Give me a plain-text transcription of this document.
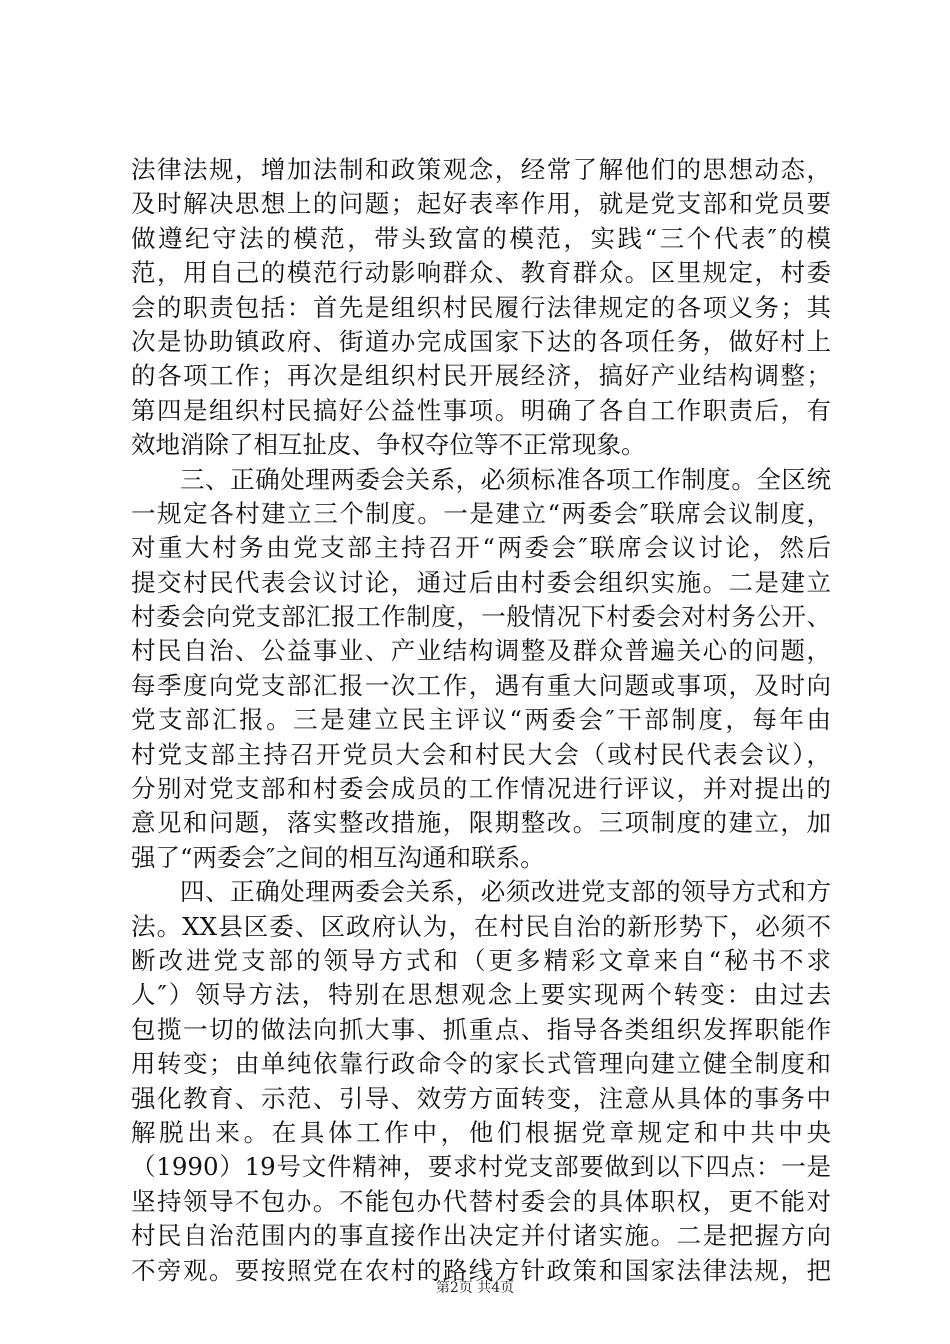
法律法规，增加法制和政策观念，经常了解他们的思想动态，
及时解决思想上的问题；起好表率作用，就是党支部和党员要
做遵纪守法的模范，带头致富的模范，实践“三个代表″的模
范，用自己的模范行动影响群众、教育群众。区里规定，村委
会的职责包括：首先是组织村民履行法律规定的各项义务；其
次是协助镇政府、街道办完成国家下达的各项任务，做好村上
的各项工作；再次是组织村民开展经济，搞好产业结构调整；
第四是组织村民搞好公益性事项。明确了各自工作职责后，有
效地消除了相互扯皮、争权夺位等不正常现象。
三、正确处理两委会关系，必须标准各项工作制度。全区统
一规定各村建立三个制度。一是建立“两委会″联席会议制度，
对重大村务由党支部主持召开“两委会″联席会议讨论，然后
提交村民代表会议讨论，通过后由村委会组织实施。二是建立
村委会向党支部汇报工作制度，一般情况下村委会对村务公开、
村民自治、公益事业、产业结构调整及群众普遍关心的问题，
每季度向党支部汇报一次工作，遇有重大问题或事项，及时向
党支部汇报。三是建立民主评议“两委会″干部制度，每年由
村党支部主持召开党员大会和村民大会（或村民代表会议），
分别对党支部和村委会成员的工作情况进行评议，并对提出的
意见和问题，落实整改措施，限期整改。三项制度的建立，加
强了“两委会″之间的相互沟通和联系。
四、正确处理两委会关系，必须改进党支部的领导方式和方
法。XX县区委、区政府认为，在村民自治的新形势下，必须不
断改进党支部的领导方式和（更多精彩文章来自“秘书不求
人″）领导方法，特别在思想观念上要实现两个转变：由过去
包揽一切的做法向抓大事、抓重点、指导各类组织发挥职能作
用转变；由单纯依靠行政命令的家长式管理向建立健全制度和
强化教育、示范、引导、效劳方面转变，注意从具体的事务中
解脱出来。在具体工作中，他们根据党章规定和中共中央
（1990）19号文件精神，要求村党支部要做到以下四点：一是
坚持领导不包办。不能包办代替村委会的具体职权，更不能对
村民自治范围内的事直接作出决定并付诸实施。二是把握方向
不旁观。要按照党在农村的路线方针政策和国家法律法规，把
第2页 共4页
